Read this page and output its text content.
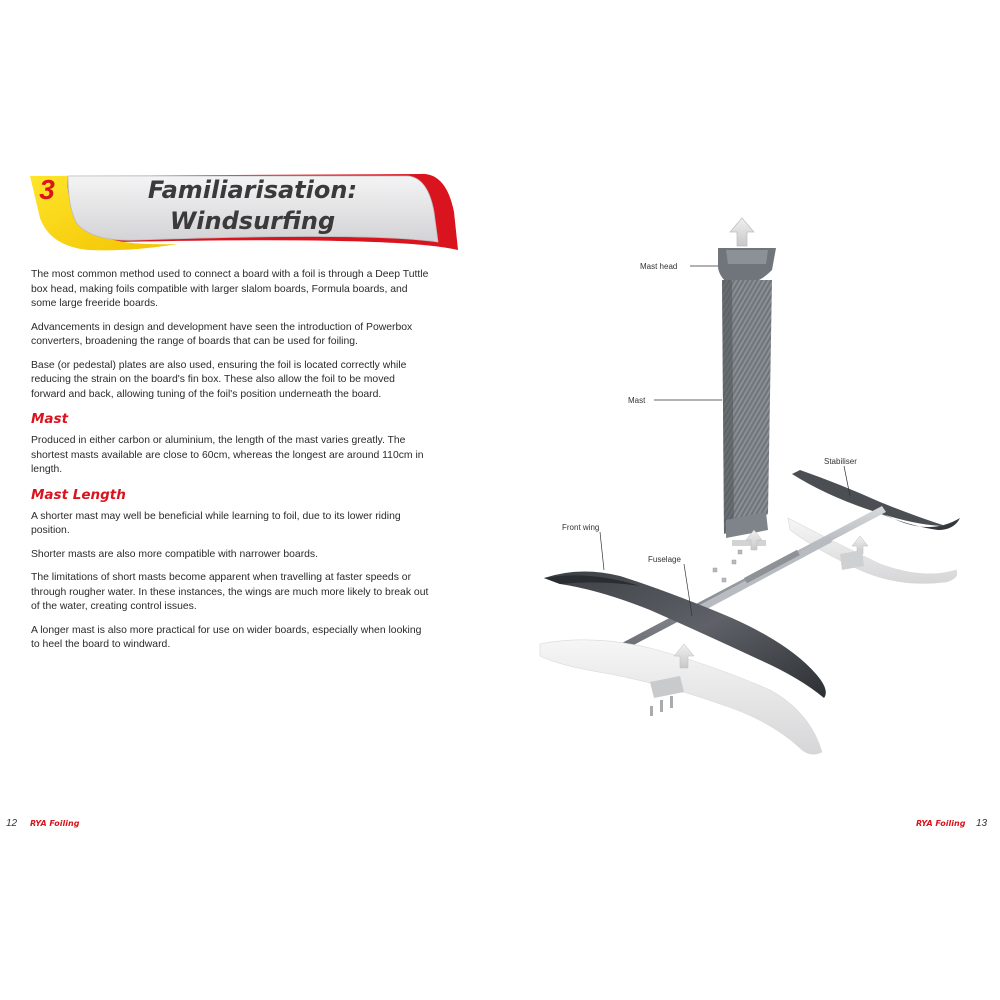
3	Familiarisation:
Windsurfing

The most common method used to connect a board with a foil is through a Deep Tuttle box head, making foils compatible with larger slalom boards, Formula boards, and some large freeride boards.

Advancements in design and development have seen the introduction of Powerbox converters, broadening the range of boards that can be used for foiling.

Base (or pedestal) plates are also used, ensuring the foil is located correctly while reducing the strain on the board's fin box. These also allow the foil to be moved forward and back, allowing tuning of the foil's position underneath the board.

Mast

Produced in either carbon or aluminium, the length of the mast varies greatly. The shortest masts available are close to 60cm, whereas the longest are around 110cm in length.

Mast Length

A shorter mast may well be beneficial while learning to foil, due to its lower riding position.

Shorter masts are also more compatible with narrower boards.

The limitations of short masts become apparent when travelling at faster speeds or through rougher water. In these instances, the wings are much more likely to break out of the water, creating control issues.

A longer mast is also more practical for use on wider boards, especially when looking to heel the board to windward.

12 RYA Foiling	RYA Foiling 13
Mast head
Mast
Stabiliser
Front wing
Fuselage
